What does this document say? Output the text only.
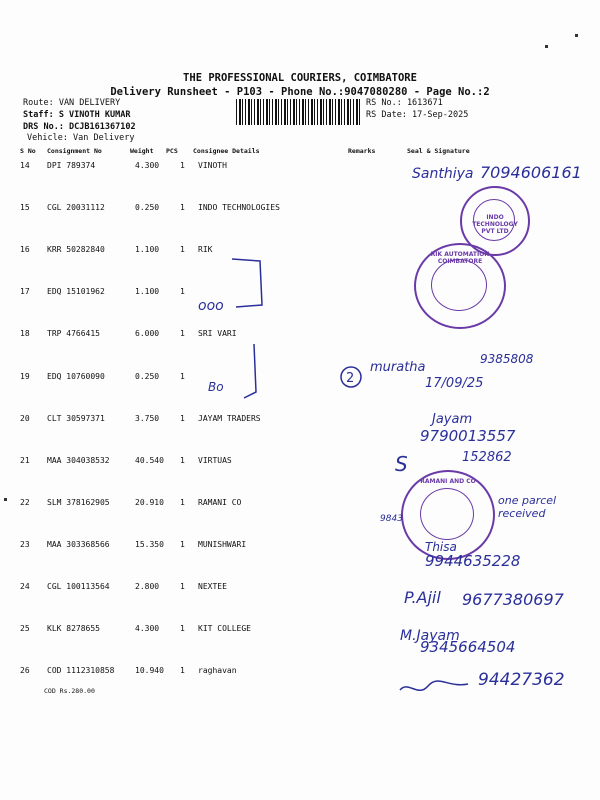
THE PROFESSIONAL COURIERS, COIMBATORE
Delivery Runsheet - P103 - Phone No.:9047080280 - Page No.:2
Route: VAN DELIVERY
Staff: S VINOTH KUMAR
DRS No.: DCJB161367102
Vehicle: Van Delivery
RS No.: 1613671
RS Date: 17-Sep-2025
S No Consignment No	Weight PCS Consignee Details	Remarks	Seal & Signature
14 DPI 789374	4.300	1 VINOTH
15 CGL 20031112	0.250	1 INDO TECHNOLOGIES
16 KRR 50282840	1.100	1 RIK
17 EDQ 15101962	1.100	1
18 TRP 4766415	6.000	1 SRI VARI
19 EDQ 10760090	0.250	1
20 CLT 30597371	3.750	1 JAYAM TRADERS
21 MAA 304038532	40.540 1 VIRTUAS
22 SLM 378162905	20.910 1 RAMANI CO
23 MAA 303368566	15.350 1 MUNISHWARI
24 CGL 100113564	2.800	1 NEXTEE
25 KLK 8278655	4.300	1 KIT COLLEGE
26 COD 1112310858	10.940 1 raghavan
COD Rs.280.00
INDO TECHNOLOGY PVT LTD
RIK AUTOMATION COIMBATORE
RAMANI AND CO
Santhiya 7094606161
ooo
Bo
2
muratha
9385808
17/09/25
Jayam
9790013557
S	152862
9843
one parcel received
Thisa
9944635228
P.Ajil 9677380697
M.Jayam
9345664504
94427362
